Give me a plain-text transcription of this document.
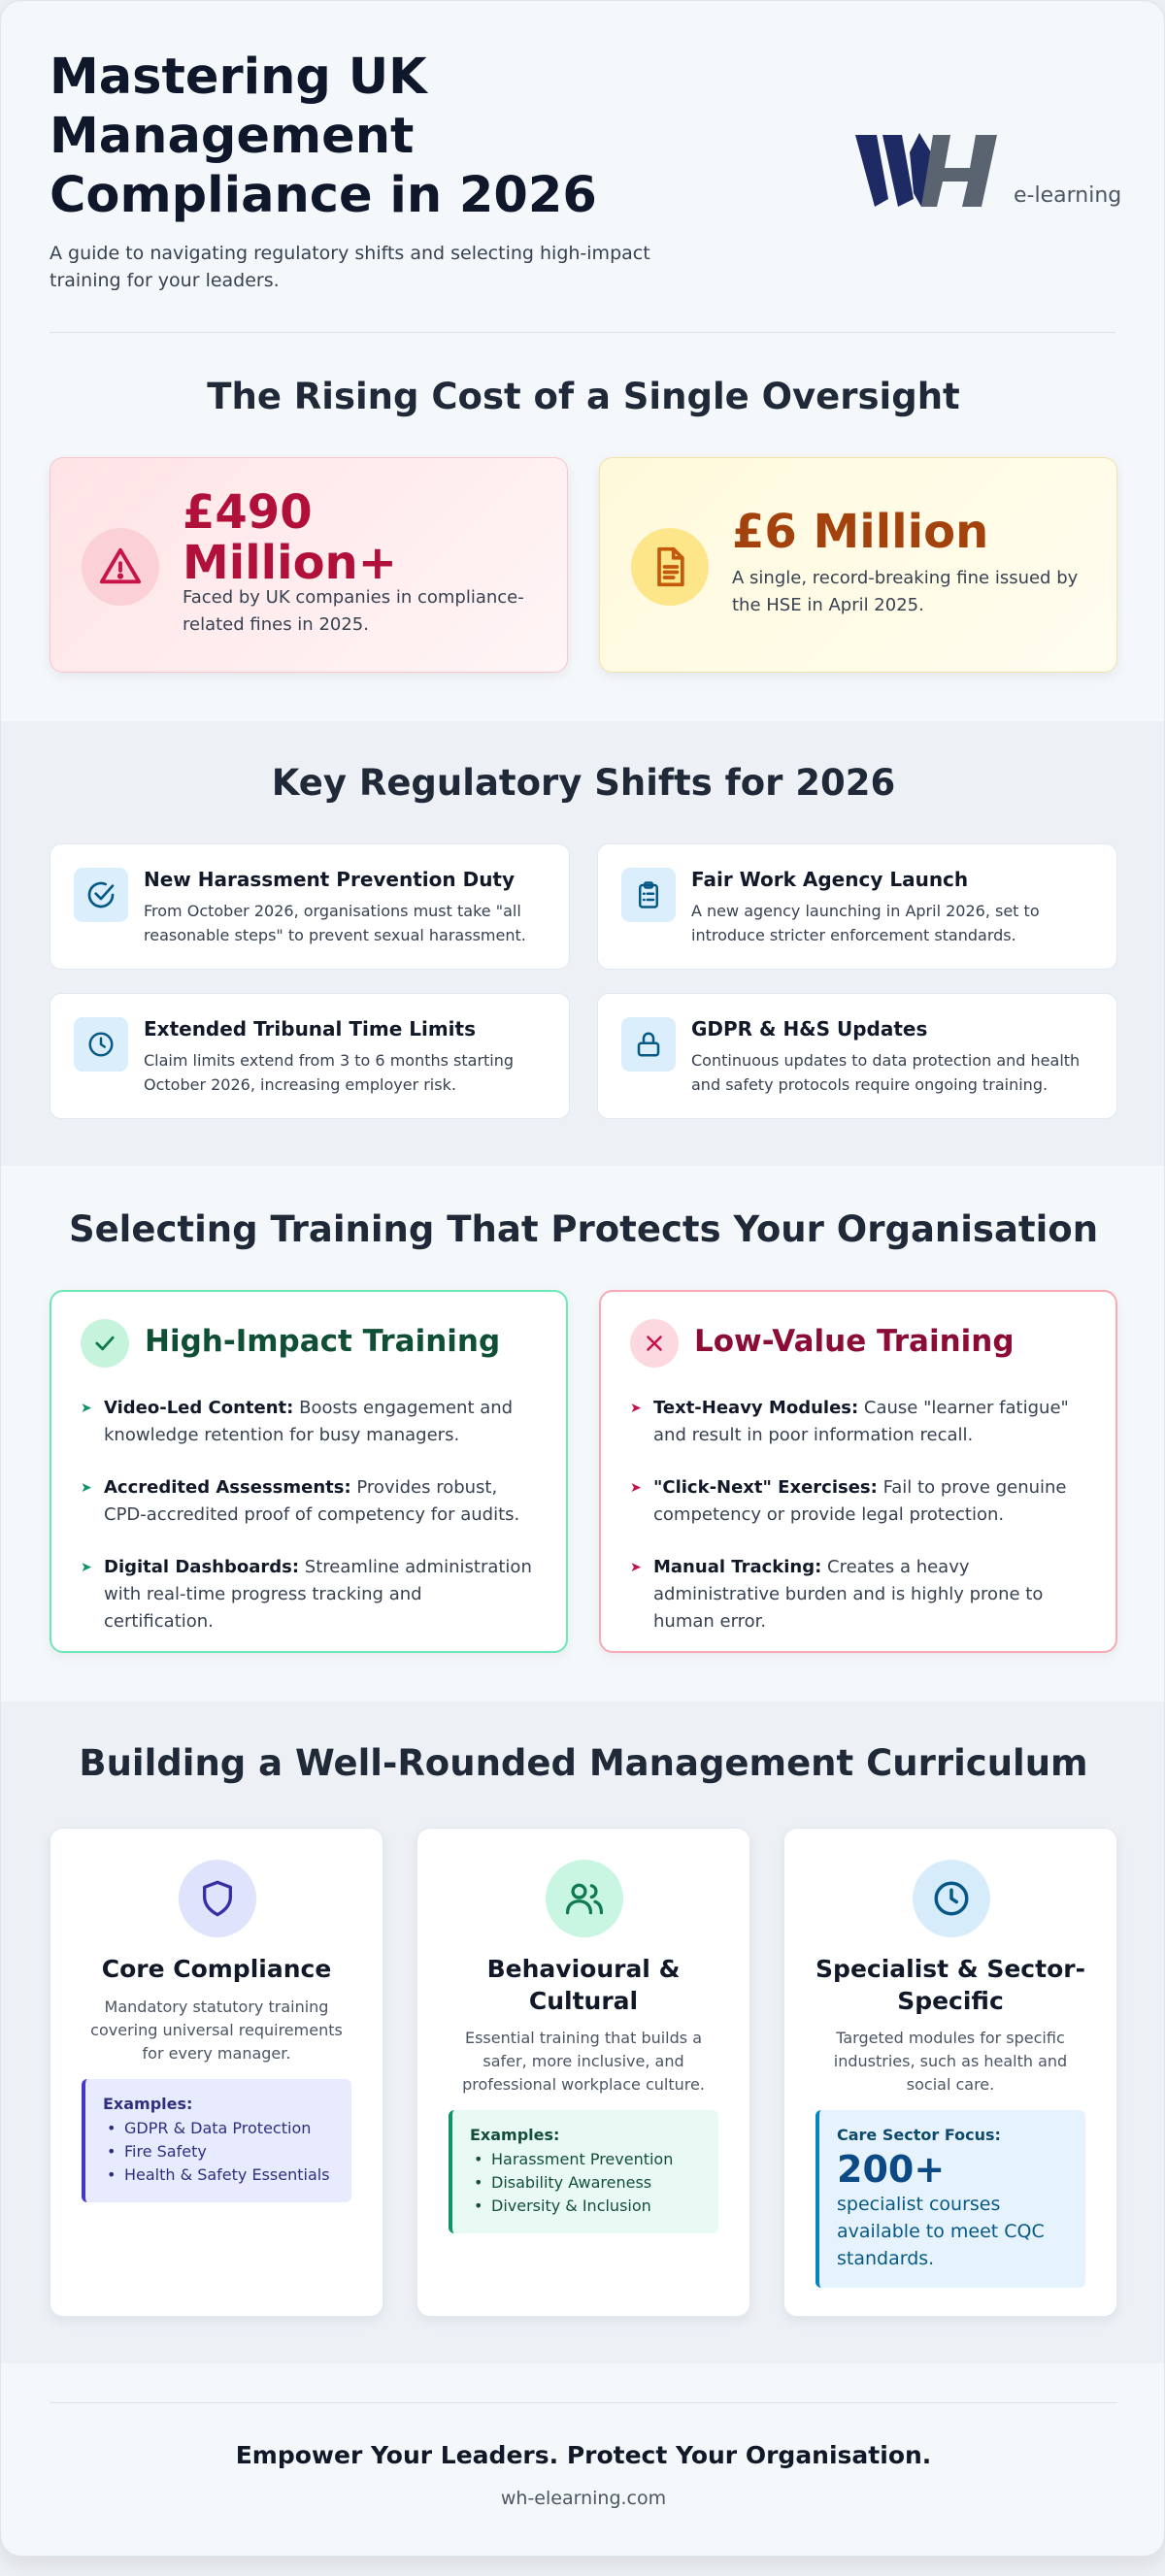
Mastering UK Management Compliance in 2026

A guide to navigating regulatory shifts and selecting high-impact training for your leaders.

e-learning
The Rising Cost of a Single Oversight
£490 Million+
Faced by UK companies in compliance-related fines in 2025.
£6 Million
A single, record-breaking fine issued by the HSE in April 2025.
Key Regulatory Shifts for 2026
New Harassment Prevention Duty
From October 2026, organisations must take "all reasonable steps" to prevent sexual harassment.
Fair Work Agency Launch
A new agency launching in April 2026, set to introduce stricter enforcement standards.
Extended Tribunal Time Limits
Claim limits extend from 3 to 6 months starting October 2026, increasing employer risk.
GDPR & H&S Updates
Continuous updates to data protection and health and safety protocols require ongoing training.
Selecting Training That Protects Your Organisation
High-Impact Training
➤ Video-Led Content: Boosts engagement and knowledge retention for busy managers.
➤ Accredited Assessments: Provides robust, CPD-accredited proof of competency for audits.
➤ Digital Dashboards: Streamline administration with real-time progress tracking and certification.
Low-Value Training
➤ Text-Heavy Modules: Cause "learner fatigue" and result in poor information recall.
➤ "Click-Next" Exercises: Fail to prove genuine competency or provide legal protection.
➤ Manual Tracking: Creates a heavy administrative burden and is highly prone to human error.
Building a Well-Rounded Management Curriculum
Core Compliance
Mandatory statutory training covering universal requirements for every manager.
Examples:
• GDPR & Data Protection
• Fire Safety
• Health & Safety Essentials
Behavioural & Cultural
Essential training that builds a safer, more inclusive, and professional workplace culture.
Examples:
• Harassment Prevention
• Disability Awareness
• Diversity & Inclusion
Specialist & Sector-Specific
Targeted modules for specific industries, such as health and social care.
Care Sector Focus:
200+
specialist courses available to meet CQC standards.
Empower Your Leaders. Protect Your Organisation.
wh-elearning.com
